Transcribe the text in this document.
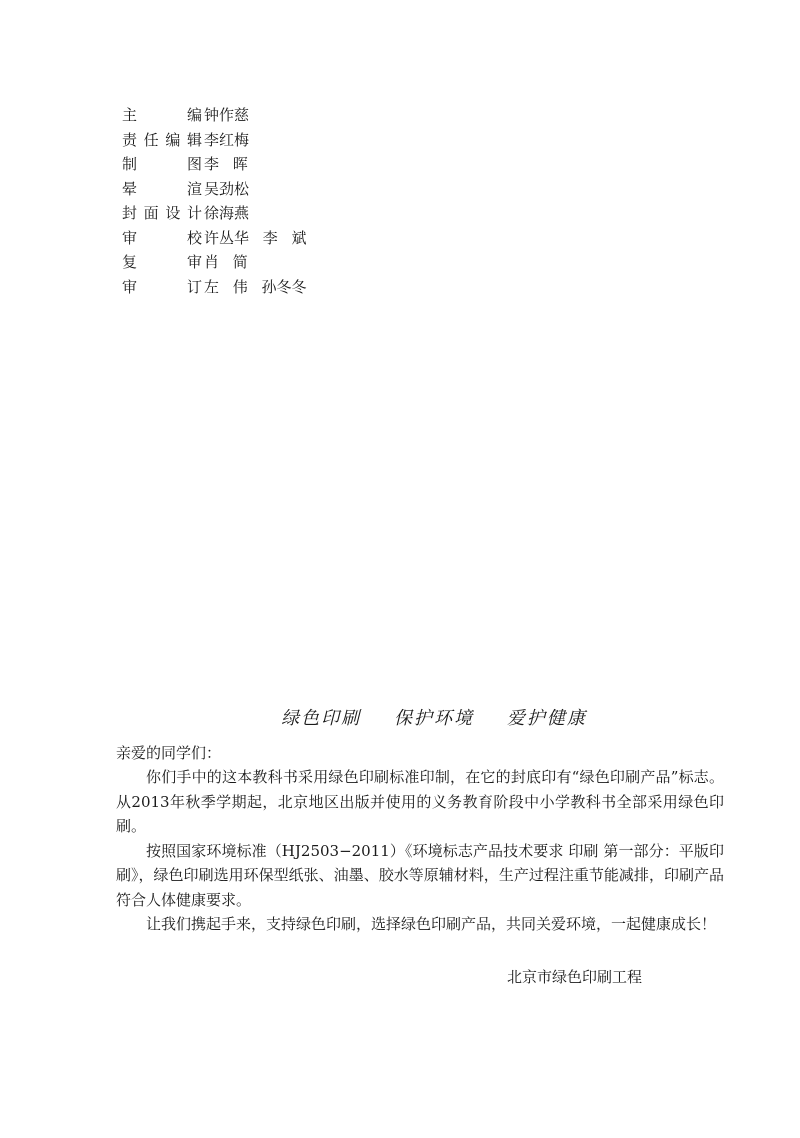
主编 钟作慈
责任编辑 李红梅
制图 李 晖
晕渲 吴劲松
封面设计 徐海燕
审校 许丛华 李 斌
复审 肖 简
审订 左 伟 孙冬冬
绿色印刷 保护环境 爱护健康

亲爱的同学们：

你们手中的这本教科书采用绿色印刷标准印制，在它的封底印有“绿色印刷产品”标志。从2013年秋季学期起，北京地区出版并使用的义务教育阶段中小学教科书全部采用绿色印刷。

按照国家环境标准（HJ2503−2011）《环境标志产品技术要求 印刷 第一部分：平版印刷》，绿色印刷选用环保型纸张、油墨、胶水等原辅材料，生产过程注重节能减排，印刷产品符合人体健康要求。

让我们携起手来，支持绿色印刷，选择绿色印刷产品，共同关爱环境，一起健康成长！

北京市绿色印刷工程
